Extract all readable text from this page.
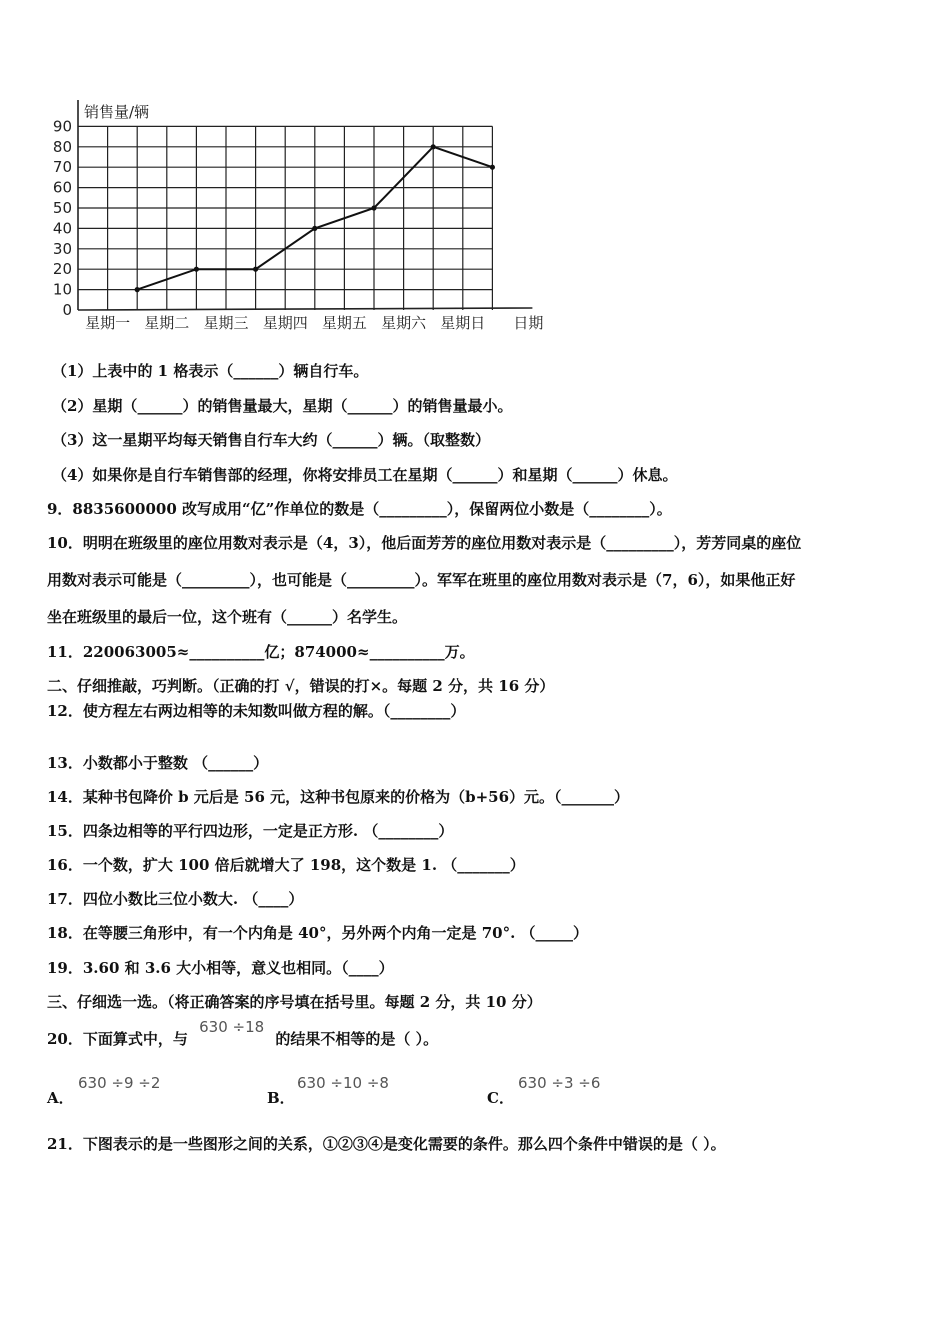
0
10
20
30
40
50
60
70
80
90
销售量/辆
星期一 星期二 星期三 星期四 星期五 星期六 星期日 日期
（1）上表中的 1 格表示（______）辆自行车。
（2）星期（______）的销售量最大，星期（______）的销售量最小。
（3）这一星期平均每天销售自行车大约（______）辆。（取整数）
（4）如果你是自行车销售部的经理，你将安排员工在星期（______）和星期（______）休息。
9．8835600000 改写成用“亿”作单位的数是（_________），保留两位小数是（________）。
10．明明在班级里的座位用数对表示是（4，3），他后面芳芳的座位用数对表示是（_________），芳芳同桌的座位
用数对表示可能是（_________），也可能是（_________）。军军在班里的座位用数对表示是（7，6），如果他正好
坐在班级里的最后一位，这个班有（______）名学生。
11．220063005≈__________亿；874000≈__________万。
二、仔细推敲，巧判断。（正确的打 √，错误的打×。每题 2 分，共 16 分）
12．使方程左右两边相等的未知数叫做方程的解。（________）
13．小数都小于整数 （______）
14．某种书包降价 b 元后是 56 元，这种书包原来的价格为（b+56）元。（_______）
15．四条边相等的平行四边形，一定是正方形. （________）
16．一个数，扩大 100 倍后就增大了 198，这个数是 1. （_______）
17．四位小数比三位小数大. （____）
18．在等腰三角形中，有一个内角是 40°，另外两个内角一定是 70°. （_____）
19．3.60 和 3.6 大小相等，意义也相同。（____）
三、仔细选一选。（将正确答案的序号填在括号里。每题 2 分，共 10 分）
20．下面算式中，与 630 ÷18 的结果不相等的是（ ）。
A．
630 ÷9 ÷2
B．
630 ÷10 ÷8
C．
630 ÷3 ÷6
21．下图表示的是一些图形之间的关系，①②③④是变化需要的条件。那么四个条件中错误的是（ ）。
